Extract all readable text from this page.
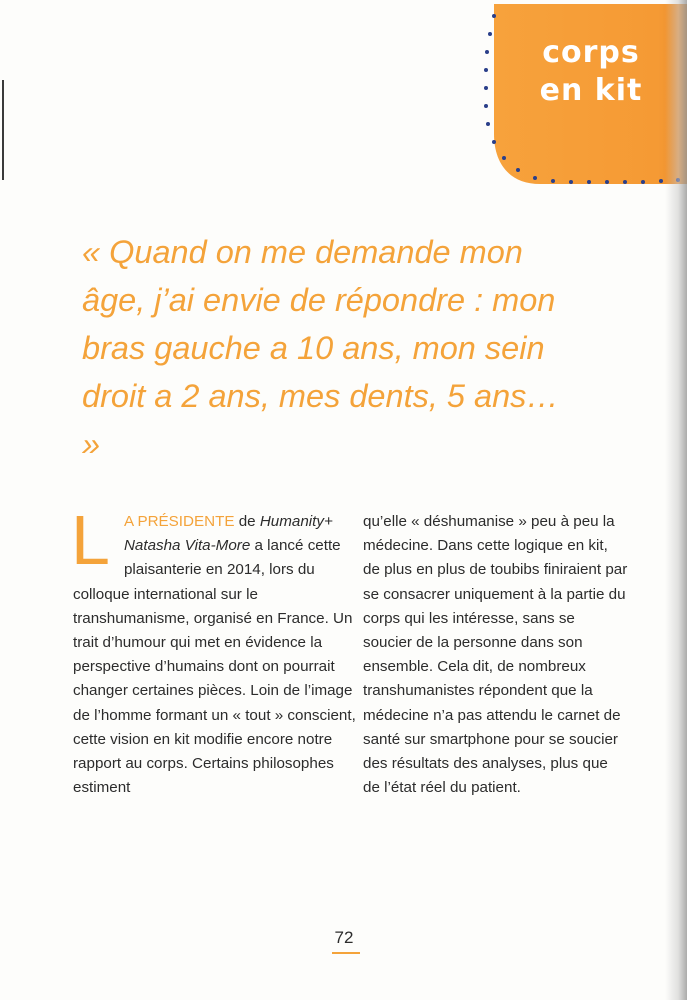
corps
en kit
« Quand on me demande mon âge, j’ai envie de répondre : mon bras gauche a 10 ans, mon sein droit a 2 ans, mes dents, 5 ans… »
L A PRÉSIDENTE de Humanity+ Natasha Vita-More a lancé cette plaisanterie en 2014, lors du colloque international sur le transhumanisme, organisé en France. Un trait d’humour qui met en évidence la perspective d’humains dont on pourrait changer certaines pièces. Loin de l’image de l’homme formant un « tout » conscient, cette vision en kit modifie encore notre rapport au corps. Certains philosophes estiment

qu’elle « déshumanise » peu à peu la médecine. Dans cette logique en kit, de plus en plus de toubibs finiraient par se consacrer uniquement à la partie du corps qui les intéresse, sans se soucier de la personne dans son ensemble. Cela dit, de nombreux transhumanistes répondent que la médecine n’a pas attendu le carnet de santé sur smartphone pour se soucier des résultats des analyses, plus que de l’état réel du patient.

72
